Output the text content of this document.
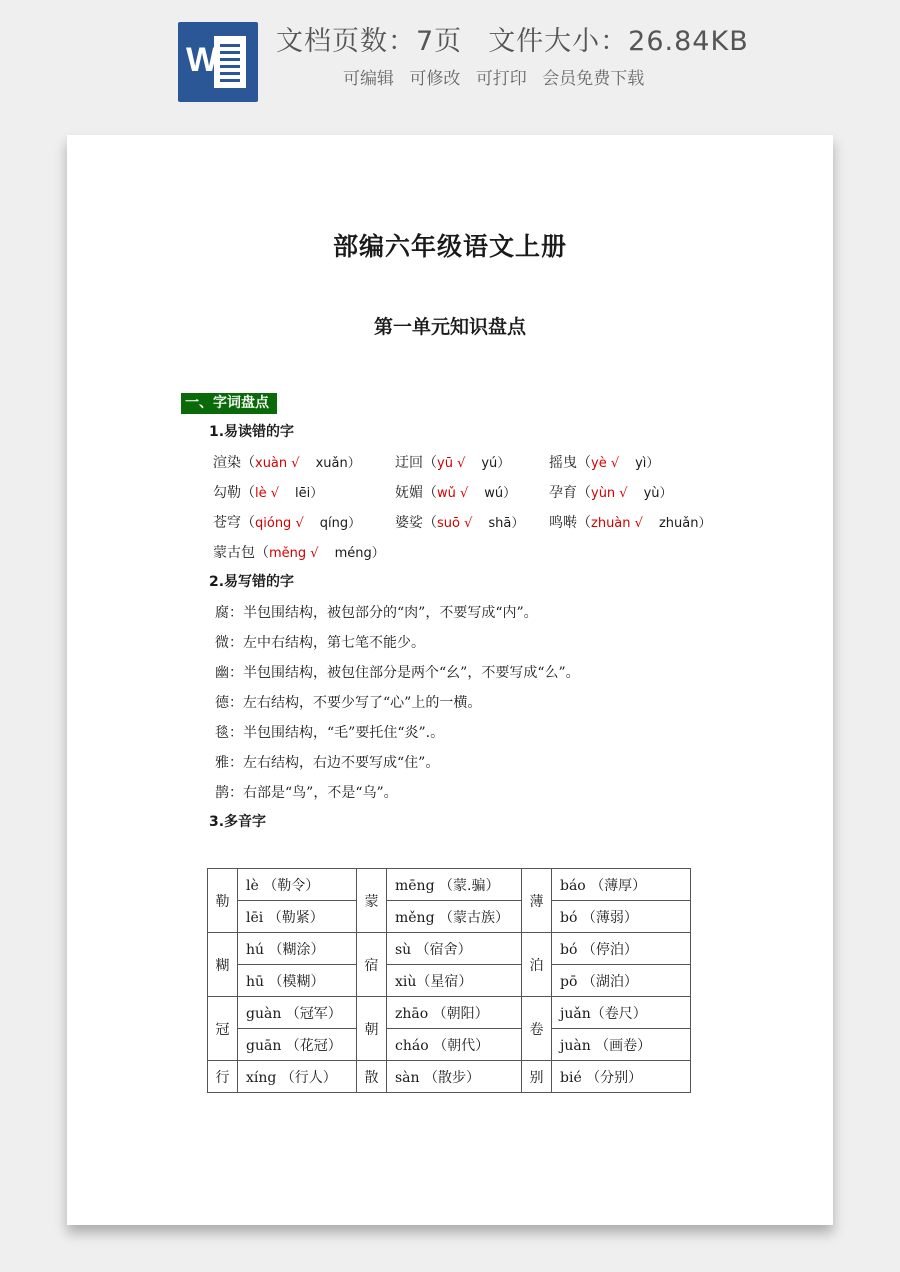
W 文档页数：7页 文件大小：26.84KB
可编辑 可修改 可打印 会员免费下载
部编六年级语文上册
第一单元知识盘点
一、字词盘点
1.易读错的字
渲染（xuàn √ xuǎn） 迂回（yū √ yú）	摇曳（yè √ yì）
勾勒（lè √ lēi）	妩媚（wǔ √ wú） 孕育（yùn √ yù）
苍穹（qióng √ qíng） 婆娑（suō √ shā） 鸣啭（zhuàn √ zhuǎn）
蒙古包（měng √ méng）
2.易写错的字
腐：半包围结构，被包部分的“肉”，不要写成“内”。
微：左中右结构，第七笔不能少。
幽：半包围结构，被包住部分是两个“幺”，不要写成“么”。
德：左右结构，不要少写了“心”上的一横。
毯：半包围结构，“毛”要托住“炎”.。
雅：左右结构，右边不要写成“住”。
鹊：右部是“鸟”，不是“乌”。
3.多音字
勒	lè （勒令）	蒙	mēng （蒙.骗）	薄	báo （薄厚）
	lēi （勒紧）		měng （蒙古族）		bó （薄弱）
糊	hú （糊涂）	宿	sù （宿舍）	泊	bó （停泊）
	hū （模糊）		xiù（星宿）		pō （湖泊）
冠	guàn （冠军）	朝	zhāo （朝阳）	卷	juǎn（卷尺）
	guān （花冠）		cháo （朝代）		juàn （画卷）
行	xíng （行人）	散	sàn （散步）	别	bié （分别）
